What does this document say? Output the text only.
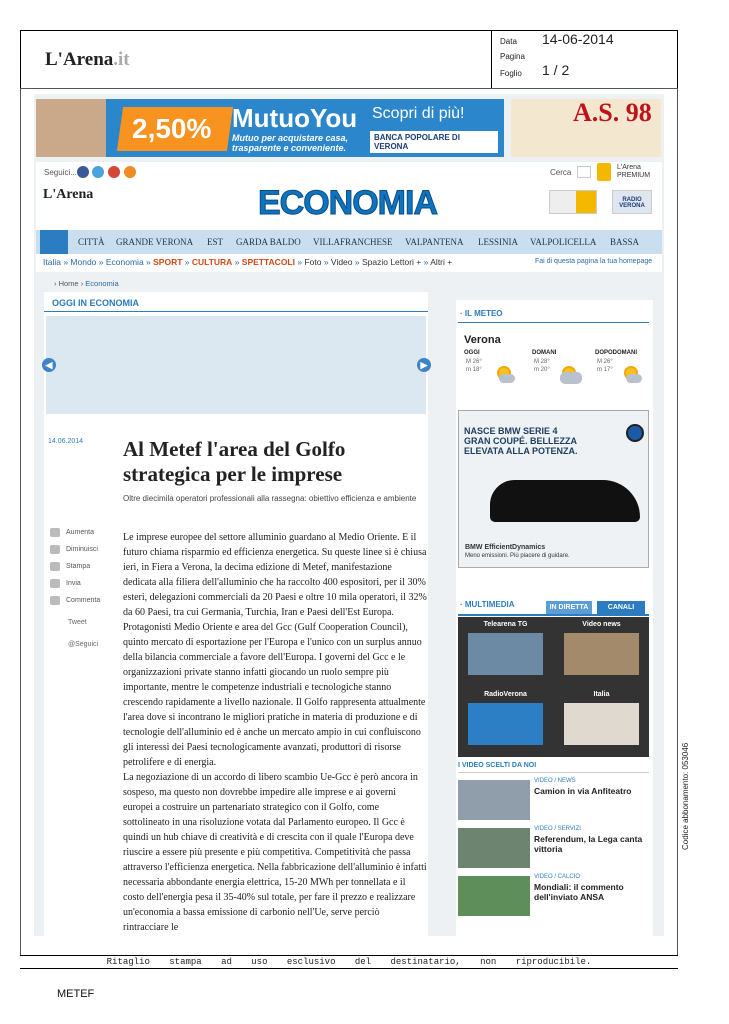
L'Arena.it
Data 14-06-2014
Pagina
Foglio 1 / 2
2,50% MutuoYou
Mutuo per acquistare casa, trasparente e conveniente.
Scopri di più!
BANCA POPOLARE DI VERONA
A.S. 98
Seguici...	Cerca
L'Arena PREMIUM
L'Arena	ECONOMIA	RADIO VERONA
CITTÀ GRANDE VERONA EST GARDA BALDO VILLAFRANCHESE VALPANTENA LESSINIA VALPOLICELLA BASSA
Italia » Mondo » Economia » SPORT » CULTURA » SPETTACOLI » Foto » Video » Spazio Lettori + » Altri +	Fai di questa pagina la tua homepage
› Home › Economia
OGGI IN ECONOMIA
◀	▶
14.06.2014 Al Metef l'area del Golfo strategica per le imprese
Oltre diecimila operatori professionali alla rassegna: obiettivo efficienza e ambiente
Aumenta
Diminuisci
Stampa
Invia
Commenta
Tweet
@Seguici

Le imprese europee del settore alluminio guardano al Medio Oriente. E il futuro chiama risparmio ed efficienza energetica. Su queste linee si è chiusa ieri, in Fiera a Verona, la decima edizione di Metef, manifestazione dedicata alla filiera dell'alluminio che ha raccolto 400 espositori, per il 30% esteri, delegazioni commerciali da 20 Paesi e oltre 10 mila operatori, il 32% da 60 Paesi, tra cui Germania, Turchia, Iran e Paesi dell'Est Europa.

Protagonisti Medio Oriente e area del Gcc (Gulf Cooperation Council), quinto mercato di esportazione per l'Europa e l'unico con un surplus annuo della bilancia commerciale a favore dell'Europa. I governi del Gcc e le organizzazioni private stanno infatti giocando un ruolo sempre più importante, mentre le competenze industriali e tecnologiche stanno crescendo rapidamente a livello nazionale. Il Golfo rappresenta attualmente l'area dove si incontrano le migliori pratiche in materia di produzione e di tecnologie dell'alluminio ed è anche un mercato ampio in cui confluiscono gli interessi dei Paesi tecnologicamente avanzati, produttori di risorse petrolifere e di energia.

La negoziazione di un accordo di libero scambio Ue-Gcc è però ancora in sospeso, ma questo non dovrebbe impedire alle imprese e ai governi europei a costruire un partenariato strategico con il Golfo, come sottolineato in una risoluzione votata dal Parlamento europeo. Il Gcc è quindi un hub chiave di creatività e di crescita con il quale l'Europa deve riuscire a essere più presente e più competitiva. Competitività che passa attraverso l'efficienza energetica. Nella fabbricazione dell'alluminio è infatti necessaria abbondante energia elettrica, 15-20 MWh per tonnellata e il costo dell'energia pesa il 35-40% sul totale, per fare il prezzo e realizzare un'economia a bassa emissione di carbonio nell'Ue, serve perciò rintracciare le

· IL METEO
Verona
OGGI
M 26°
m 18°
DOMANI
M 28°
m 20°
DOPODOMANI
M 26°
m 17°
NASCE BMW SERIE 4 GRAN COUPÉ. BELLEZZA ELEVATA ALLA POTENZA.
BMW EfficientDynamics
Meno emissioni. Più piacere di guidare.
· MULTIMEDIA	IN DIRETTA	CANALI
Telearena TG	Video news
RadioVerona	Italia
I VIDEO SCELTI DA NOI
VIDEO / NEWS
Camion in via Anfiteatro
VIDEO / SERVIZI
Referendum, la Lega canta vittoria
VIDEO / CALCIO
Mondiali: il commento dell'inviato ANSA
Ritaglio stampa ad uso esclusivo del destinatario, non riproducibile.
Codice abbonamento: 053046
METEF
